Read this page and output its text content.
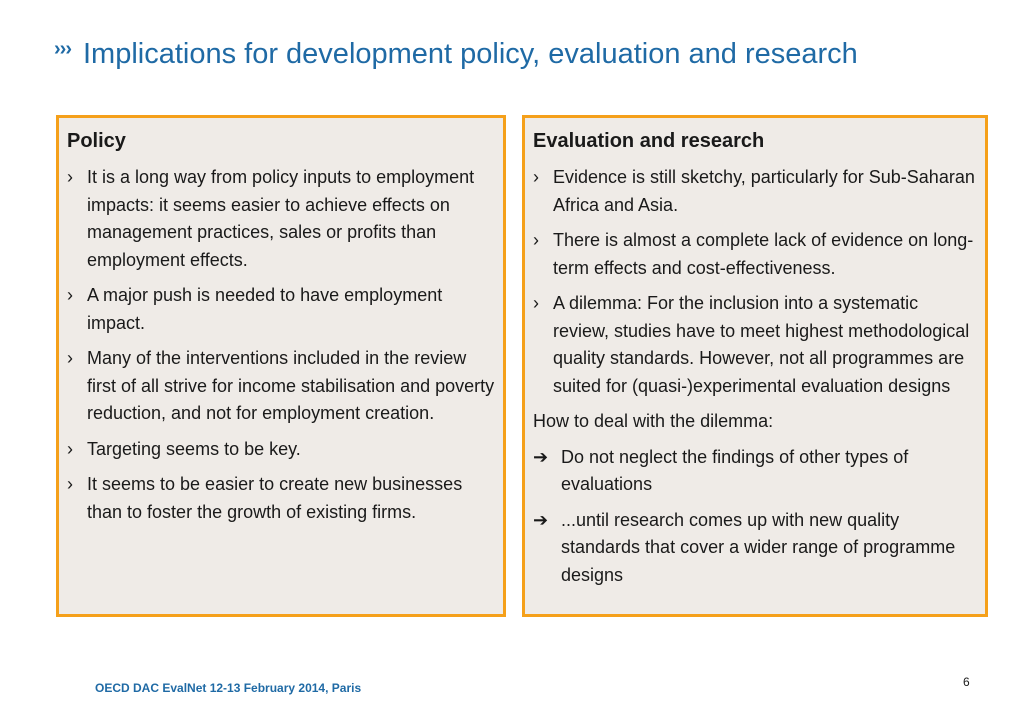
››› Implications for development policy, evaluation and research
Policy
› It is a long way from policy inputs to employment impacts: it seems easier to achieve effects on management practices, sales or profits than employment effects.
› A major push is needed to have employment impact.
› Many of the interventions included in the review first of all strive for income stabilisation and poverty reduction, and not for employment creation.
› Targeting seems to be key.
› It seems to be easier to create new businesses than to foster the growth of existing firms.
Evaluation and research
› Evidence is still sketchy, particularly for Sub-Saharan Africa and Asia.
› There is almost a complete lack of evidence on long-term effects and cost-effectiveness.
› A dilemma: For the inclusion into a systematic review, studies have to meet highest methodological quality standards. However, not all programmes are suited for (quasi-)experimental evaluation designs
How to deal with the dilemma:
➔ Do not neglect the findings of other types of evaluations
➔ ...until research comes up with new quality standards that cover a wider range of programme designs
OECD DAC EvalNet 12-13 February 2014, Paris	6
